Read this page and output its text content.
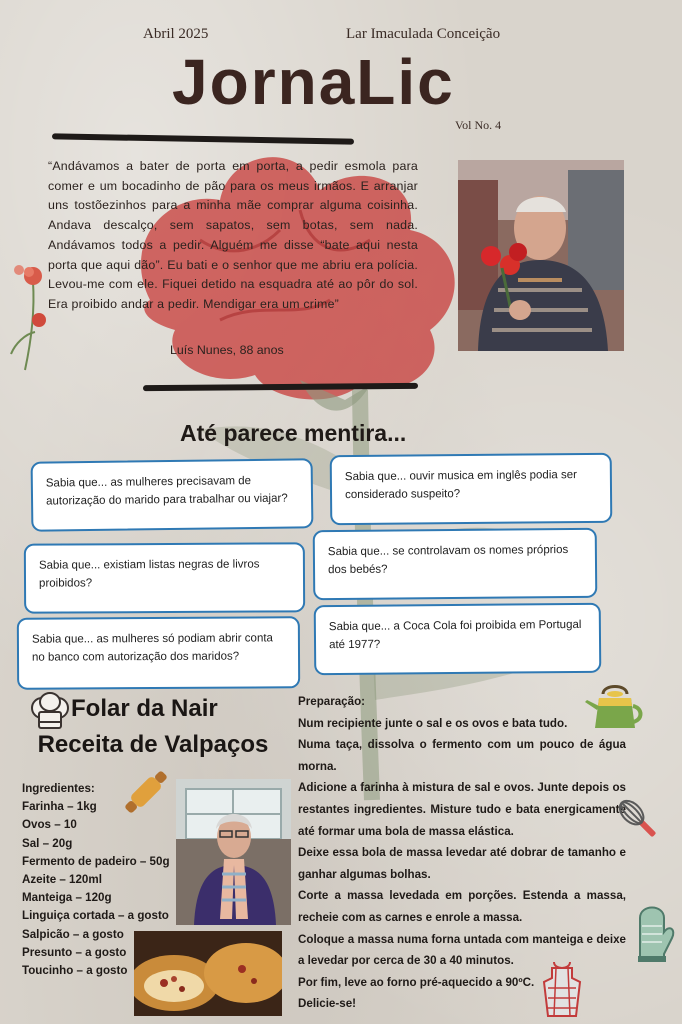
Abril 2025	Lar Imaculada Conceição
JornaLic
Vol No. 4
“Andávamos a bater de porta em porta, a pedir esmola para comer e um bocadinho de pão para os meus irmãos. E arranjar uns tostõezinhos para a minha mãe comprar alguma coisinha. Andava descalço, sem sapatos, sem botas, sem nada. Andávamos todos a pedir. Alguém me disse “bate aqui nesta porta que aqui dão”. Eu bati e o senhor que me abriu era polícia. Levou-me com ele. Fiquei detido na esquadra até ao pôr do sol. Era proibido andar a pedir. Mendigar era um crime”
Luís Nunes, 88 anos
Até parece mentira...
Sabia que... as mulheres precisavam de autorização do marido para trabalhar ou viajar?
Sabia que... ouvir musica em inglês podia ser considerado suspeito?
Sabia que... existiam listas negras de livros proibidos?
Sabia que... se controlavam os nomes próprios dos bebés?
Sabia que... as mulheres só podiam abrir conta no banco com autorização dos maridos?
Sabia que... a Coca Cola foi proibida em Portugal até 1977?
Folar da Nair
Receita de Valpaços
Ingredientes:
Farinha – 1kg
Ovos – 10
Sal – 20g
Fermento de padeiro – 50g
Azeite – 120ml
Manteiga – 120g
Linguiça cortada – a gosto
Salpicão – a gosto
Presunto – a gosto
Toucinho – a gosto
Preparação:
Num recipiente junte o sal e os ovos e bata tudo.
Numa taça, dissolva o fermento com um pouco de água morna.
Adicione a farinha à mistura de sal e ovos. Junte depois os restantes ingredientes. Misture tudo e bata energicamente até formar uma bola de massa elástica.
Deixe essa bola de massa levedar até dobrar de tamanho e ganhar algumas bolhas.
Corte a massa levedada em porções. Estenda a massa, recheie com as carnes e enrole a massa.
Coloque a massa numa forna untada com manteiga e deixe a levedar por cerca de 30 a 40 minutos.
Por fim, leve ao forno pré-aquecido a 90ºC.
Delicie-se!
